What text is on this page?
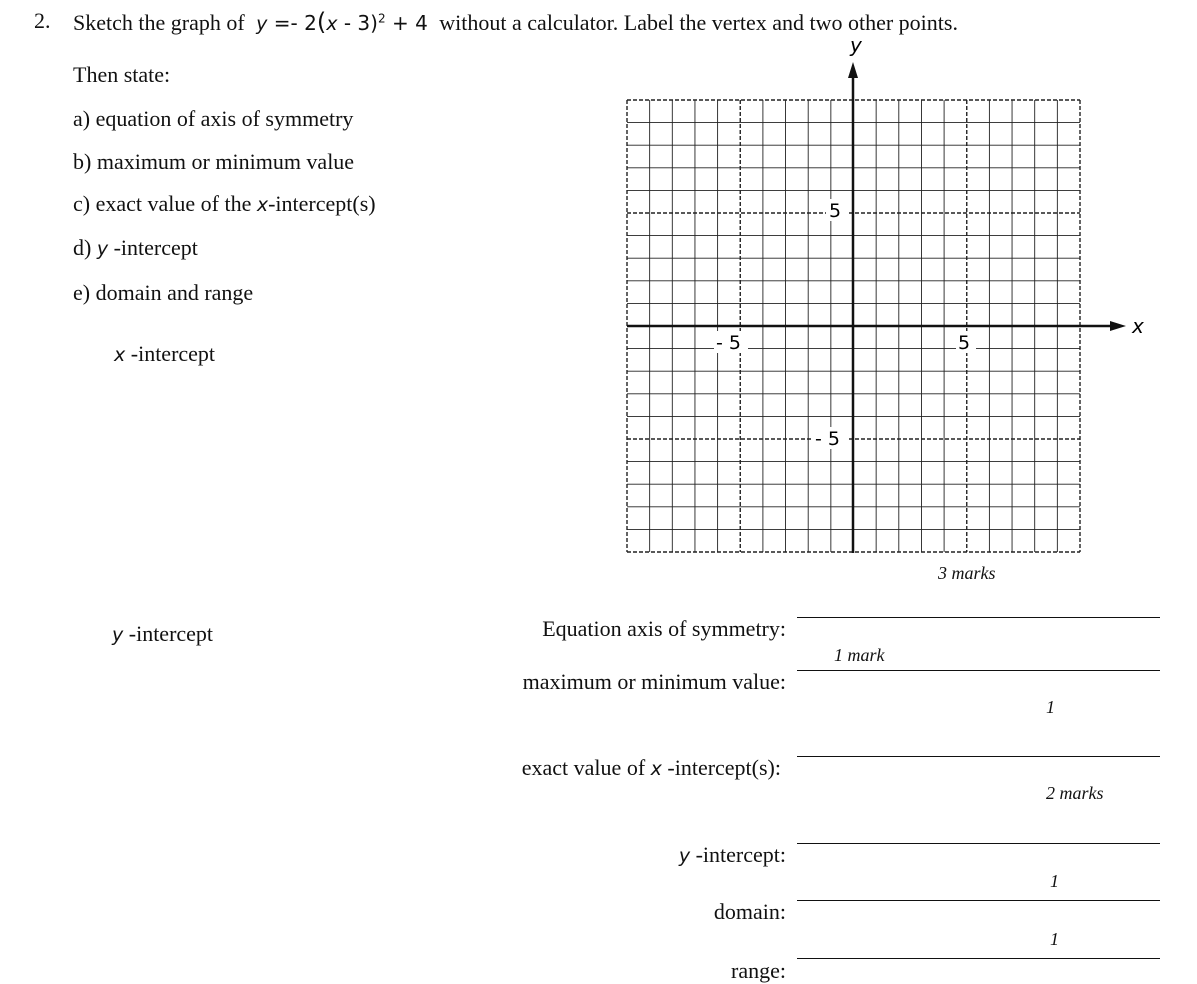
2. Sketch the graph of y =- 2(x - 3)$^2$ + 4 without a calculator. Label the vertex and two other points.
Then state:
a) equation of axis of symmetry
b) maximum or minimum value
c) exact value of the x-intercept(s)
d) y -intercept
e) domain and range
x -intercept
y -intercept
y
x
5
- 5
- 5	5
3 marks
Equation axis of symmetry:
1 mark
maximum or minimum value:
1
exact value of x -intercept(s):
2 marks
y -intercept:
1
domain:
1
range:
